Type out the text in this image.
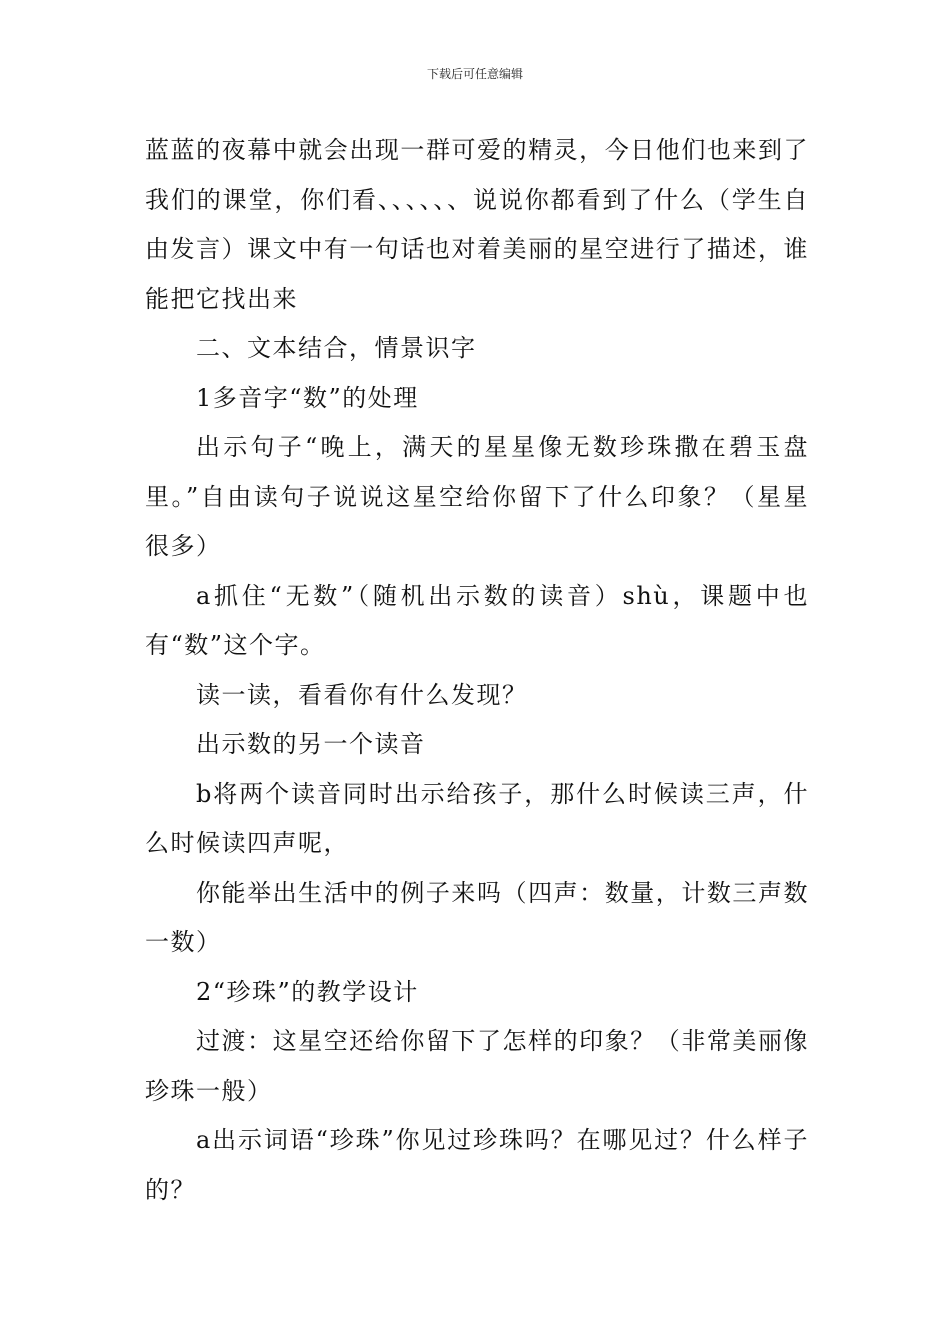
下载后可任意编辑

蓝蓝的夜幕中就会出现一群可爱的精灵，今日他们也来到了我们的课堂，你们看、、、、、、说说你都看到了什么（学生自由发言）课文中有一句话也对着美丽的星空进行了描述，谁能把它找出来

二、文本结合，情景识字

1多音字“数”的处理

出示句子“晚上，满天的星星像无数珍珠撒在碧玉盘里。”自由读句子说说这星空给你留下了什么印象？（星星很多）

a抓住“无数”（随机出示数的读音）shù，课题中也有“数”这个字。

读一读，看看你有什么发现？

出示数的另一个读音

b将两个读音同时出示给孩子，那什么时候读三声，什么时候读四声呢，

你能举出生活中的例子来吗（四声：数量，计数三声数一数）

2“珍珠”的教学设计

过渡：这星空还给你留下了怎样的印象？（非常美丽像珍珠一般）

a出示词语“珍珠”你见过珍珠吗？在哪见过？什么样子的？
